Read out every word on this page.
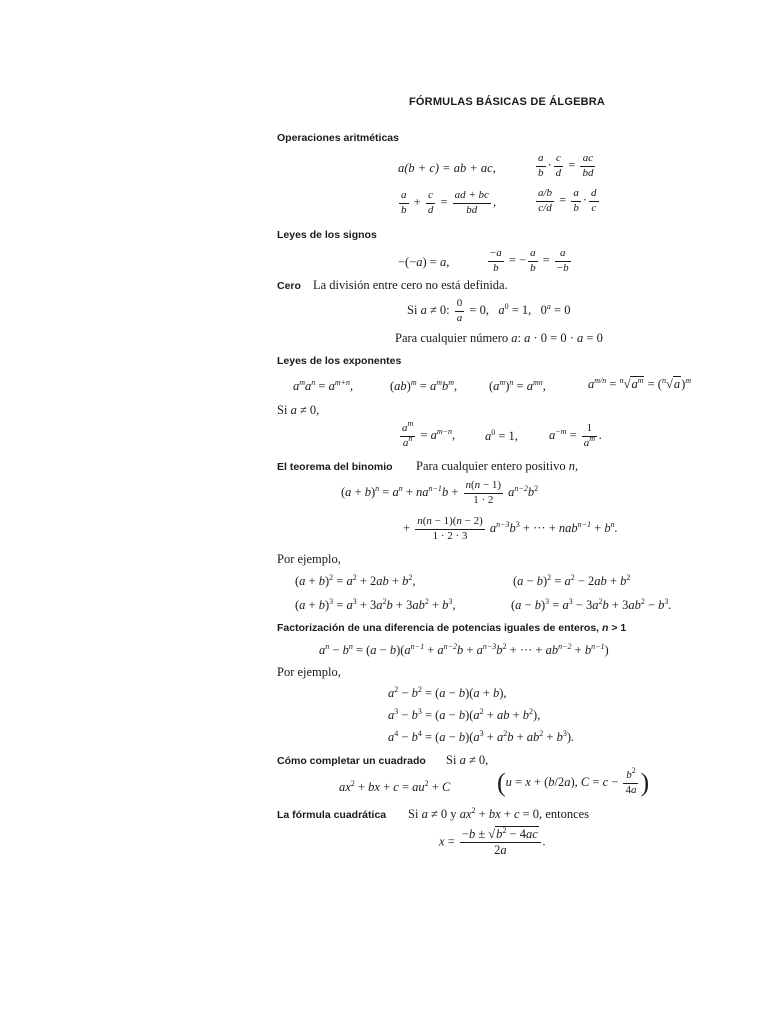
FÓRMULAS BÁSICAS DE ÁLGEBRA
Operaciones aritméticas
a(b + c) = ab + ac,	$\frac{a}{b} \cdot \frac{c}{d} = \frac{ac}{bd}$
$\frac{a}{b} + \frac{c}{d} = \frac{ad + bc}{bd}$ ,	$\frac{a/b}{c/d} = \frac{a}{b} \cdot \frac{d}{c}$
Leyes de los signos
−(−a) = a,	$\frac{-a}{b}$ = − $\frac{a}{b} = \frac{a}{-b}$
Cero La división entre cero no está definida.
Si a ≠ 0: $\frac{0}{a} = 0$,   $a^0 = 1$, $0^a = 0$
Para cualquier número a: a · 0 = 0 · a = 0
Leyes de los exponentes
$a^ma^n = a^{m+n}$,	$(ab)^m = a^mb^m$,	$(a^m)^n = a^{mn}$,	$a^{m/n} = ^n√a^m = (^n√a)^m$
Si a ≠ 0,
$\frac{a^m}{a^n} = a^{m-n}$, $a^0 = 1$, $a^{-m} = \frac{1}{a^m}$ .
El teorema del binomio Para cualquier entero positivo n,
$(a + b)^n = a^n + na^{n-1}b + \frac{n(n - 1)}{1 \cdot 2} a^{n-2}b^2$
+ $\frac{n(n - 1)(n - 2)}{1 \cdot 2 \cdot 3} a^{n-3}b^3$ + ··· + $nab^{n-1} + b^n$.
Por ejemplo,
$(a + b)^2 = a^2 + 2ab + b^2$,	$(a - b)^2 = a^2 - 2ab + b^2$
$(a + b)^3 = a^3 + 3a^2b + 3ab^2 + b^3$,	$(a - b)^3 = a^3 - 3a^2b + 3ab^2 - b^3$.
Factorización de una diferencia de potencias iguales de enteros, n > 1
$a^n - b^n = (a - b)(a^{n-1} + a^{n-2}b + a^{n-3}b^2$ + ··· + $ab^{n-2} + b^{n-1}$)
Por ejemplo,
$a^2 - b^2 = (a - b)(a + b)$,
$a^3 - b^3 = (a - b)(a^2$ + ab + $b^2$),
$a^4 - b^4 = (a - b)(a^3 + a^2b + ab^2 + b^3)$.
Cómo completar un cuadrado Si a ≠ 0,
$ax^2$ + bx + $c = au^2 + C$ (u = x + (b/2a), $C = c - \frac{b^2}{4a}$ )
La fórmula cuadrática Si a ≠ 0 y $ax^2$ + bx + c = 0, entonces
$x = \frac{-b \pm √b^2 - 4ac}{2a}$ .
